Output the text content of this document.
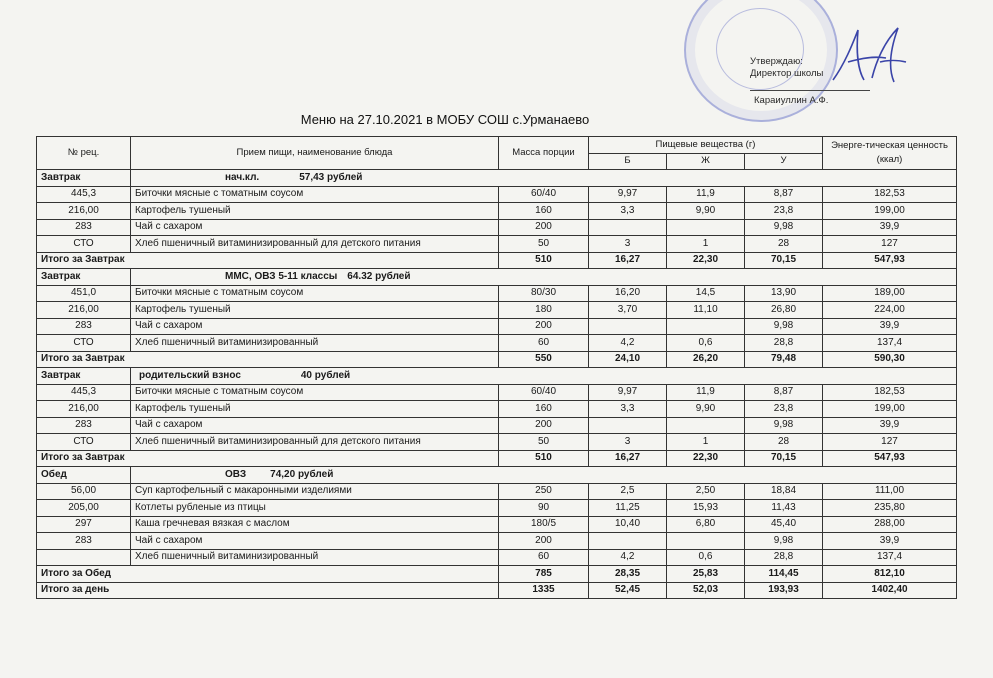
Утверждаю:
Директор школы
Караиуллин А.Ф.
Меню на 27.10.2021 в МОБУ СОШ с.Урманаево
№ рец.	Прием пищи, наименование блюда	Масса порции	Пищевые вещества (г)			Энерге-тическая ценность (ккал)
			Б	Ж	У	
Завтрак	нач.кл. 57,43 рублей					
445,3	Биточки мясные с томатным соусом	60/40	9,97	11,9	8,87	182,53
216,00	Картофель тушеный	160	3,3	9,90	23,8	199,00
283	Чай с сахаром	200			9,98	39,9
СТО	Хлеб пшеничный витаминизированный для детского питания	50	3	1	28	127
Итого за Завтрак		510	16,27	22,30	70,15	547,93
Завтрак	ММС, ОВЗ 5-11 классы 64.32 рублей					
451,0	Биточки мясные с томатным соусом	80/30	16,20	14,5	13,90	189,00
216,00	Картофель тушеный	180	3,70	11,10	26,80	224,00
283	Чай с сахаром	200			9,98	39,9
СТО	Хлеб пшеничный витаминизированный	60	4,2	0,6	28,8	137,4
Итого за Завтрак		550	24,10	26,20	79,48	590,30
Завтрак	родительский взнос 40 рублей					
445,3	Биточки мясные с томатным соусом	60/40	9,97	11,9	8,87	182,53
216,00	Картофель тушеный	160	3,3	9,90	23,8	199,00
283	Чай с сахаром	200			9,98	39,9
СТО	Хлеб пшеничный витаминизированный для детского питания	50	3	1	28	127
Итого за Завтрак		510	16,27	22,30	70,15	547,93
Обед	ОВЗ 74,20 рублей					
56,00	Суп картофельный с макаронными изделиями	250	2,5	2,50	18,84	111,00
205,00	Котлеты рубленые из птицы	90	11,25	15,93	11,43	235,80
297	Каша гречневая вязкая с маслом	180/5	10,40	6,80	45,40	288,00
283	Чай с сахаром	200			9,98	39,9
	Хлеб пшеничный витаминизированный	60	4,2	0,6	28,8	137,4
Итого за Обед		785	28,35	25,83	114,45	812,10
Итого за день		1335	52,45	52,03	193,93	1402,40
